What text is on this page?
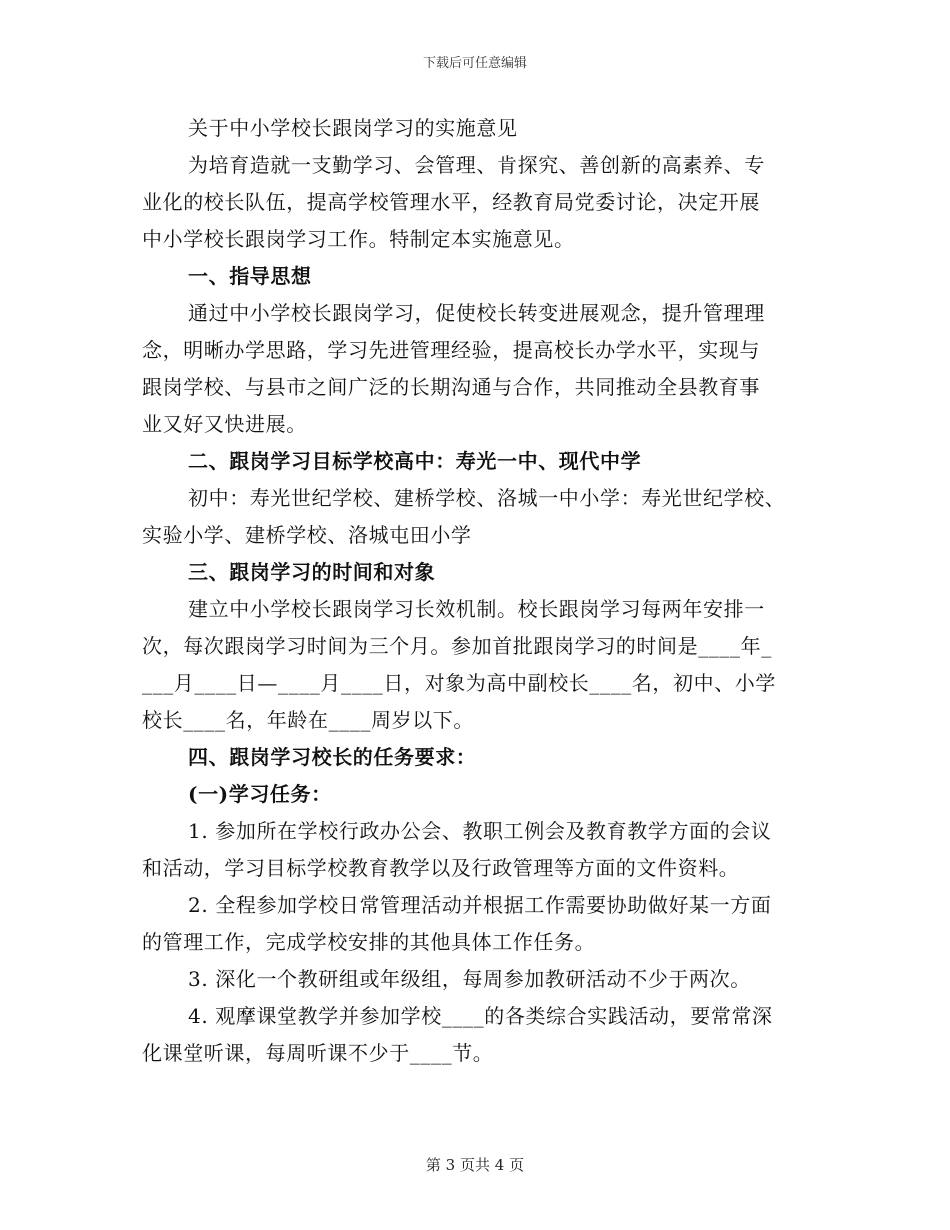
下载后可任意编辑
关于中小学校长跟岗学习的实施意见
为培育造就一支勤学习、会管理、肯探究、善创新的高素养、专
业化的校长队伍，提高学校管理水平，经教育局党委讨论，决定开展
中小学校长跟岗学习工作。特制定本实施意见。
一、指导思想
通过中小学校长跟岗学习，促使校长转变进展观念，提升管理理
念，明晰办学思路，学习先进管理经验，提高校长办学水平，实现与
跟岗学校、与县市之间广泛的长期沟通与合作，共同推动全县教育事
业又好又快进展。
二、跟岗学习目标学校高中：寿光一中、现代中学
初中：寿光世纪学校、建桥学校、洛城一中小学：寿光世纪学校、
实验小学、建桥学校、洛城屯田小学
三、跟岗学习的时间和对象
建立中小学校长跟岗学习长效机制。校长跟岗学习每两年安排一
次，每次跟岗学习时间为三个月。参加首批跟岗学习的时间是____年_
___月____日—____月____日，对象为高中副校长____名，初中、小学
校长____名，年龄在____周岁以下。
四、跟岗学习校长的任务要求：
(一)学习任务：
1. 参加所在学校行政办公会、教职工例会及教育教学方面的会议
和活动，学习目标学校教育教学以及行政管理等方面的文件资料。
2. 全程参加学校日常管理活动并根据工作需要协助做好某一方面
的管理工作，完成学校安排的其他具体工作任务。
3. 深化一个教研组或年级组，每周参加教研活动不少于两次。
4. 观摩课堂教学并参加学校____的各类综合实践活动，要常常深
化课堂听课，每周听课不少于____节。
第 3 页共 4 页
